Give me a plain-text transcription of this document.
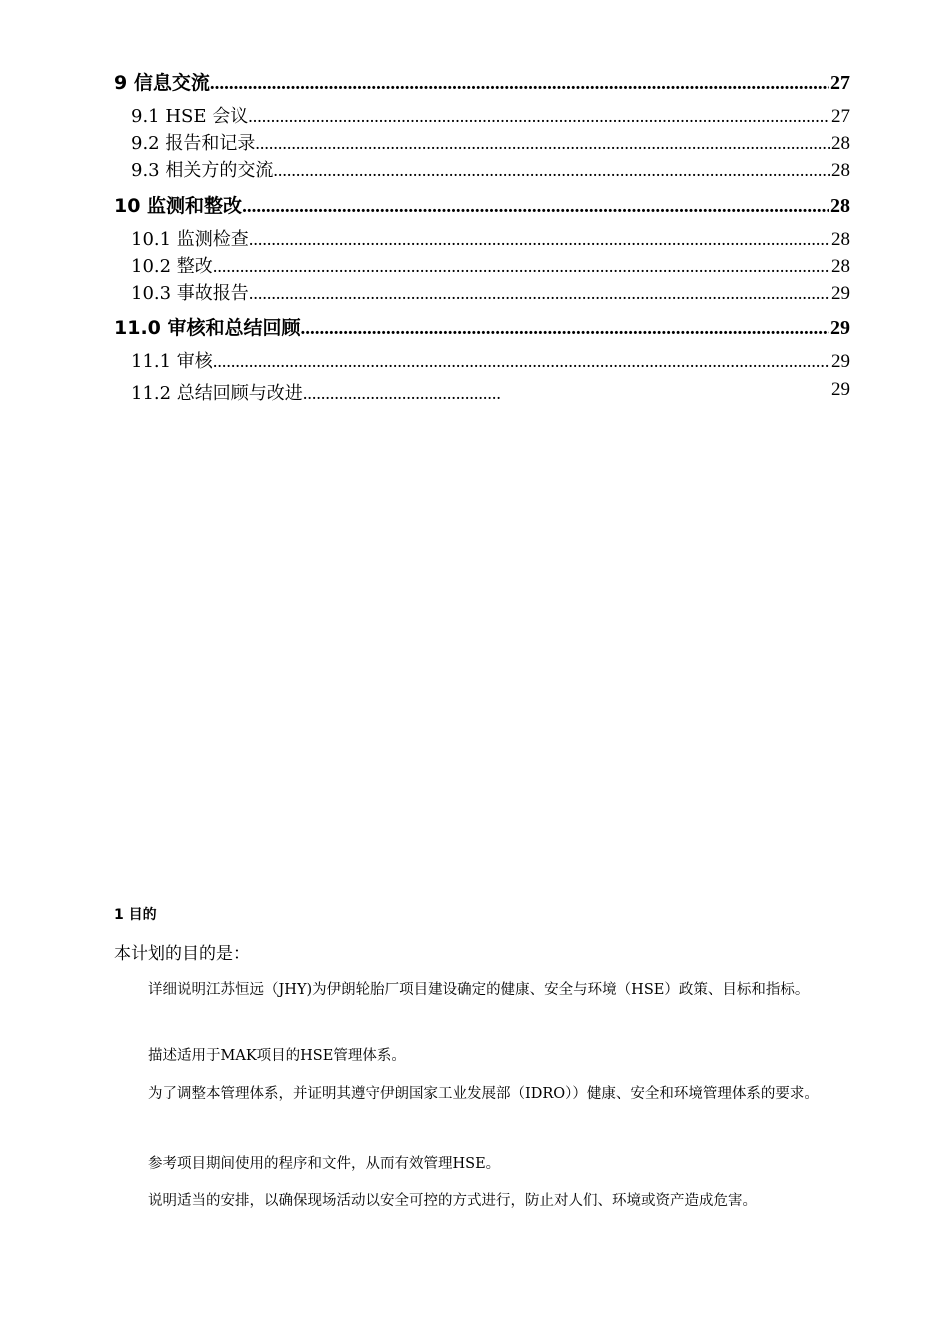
9 信息交流 .....	27
9.1 HSE 会议 .....	27
9.2 报告和记录 .....	28
9.3 相关方的交流 .....	28
10 监测和整改 .....	28
10.1 监测检查 .....	28
10.2 整改 .....	28
10.3 事故报告 .....	29
11.0 审核和总结回顾 .....	29
11.1 审核 .....	29
11.2 总结回顾与改进............................................	29
1 目的
本计划的目的是：

详细说明江苏恒远（JHY)为伊朗轮胎厂项目建设确定的健康、安全与环境（HSE）政策、目标和指标。

描述适用于MAK项目的HSE管理体系。

为了调整本管理体系，并证明其遵守伊朗国家工业发展部（IDRO））健康、安全和环境管理体系的要求。

参考项目期间使用的程序和文件，从而有效管理HSE。

说明适当的安排，以确保现场活动以安全可控的方式进行，防止对人们、环境或资产造成危害。
